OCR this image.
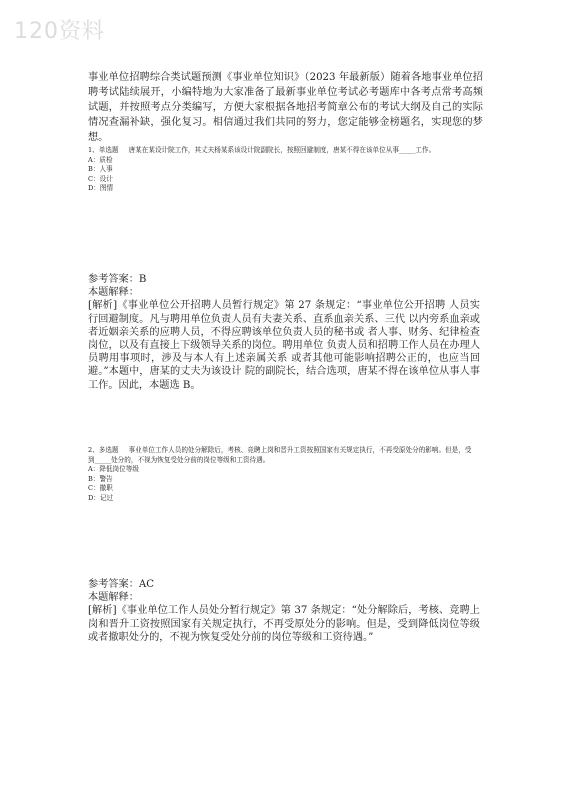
120资料
事业单位招聘综合类试题预测《事业单位知识》（2023 年最新版）随着各地事业单位招聘考试陆续展开，小编特地为大家准备了最新事业单位考试必考题库中各考点常考高频试题，并按照考点分类编写，方便大家根据各地招考简章公布的考试大纲及自己的实际情况查漏补缺，强化复习。相信通过我们共同的努力，您定能够金榜题名，实现您的梦想。
1、单选题 唐某在某设计院工作，其丈夫杨某系该设计院副院长，按照回避制度，唐某不得在该单位从事_____工作。

A：质检

B：人事

C：设计

D：图情

参考答案：B
本题解释：
[解析]《事业单位公开招聘人员暂行规定》第 27 条规定：“事业单位公开招聘 人员实行回避制度。凡与聘用单位负责人员有夫妻关系、直系血亲关系、三代 以内旁系血亲或者近姻亲关系的应聘人员，不得应聘该单位负责人员的秘书或 者人事、财务、纪律检查岗位，以及有直接上下级领导关系的岗位。聘用单位 负责人员和招聘工作人员在办理人员聘用事项时，涉及与本人有上述亲属关系 或者其他可能影响招聘公正的，也应当回避。”本题中，唐某的丈夫为该设计 院的副院长，结合选项，唐某不得在该单位从事人事工作。因此，本题选 B。
2、多选题 事业单位工作人员的处分解除后，考核、竞聘上岗和晋升工资按照国家有关规定执行，不再受原处分的影响。但是，受到_____处分的，不视为恢复受处分前的岗位等级和工资待遇。

A：降低岗位等级

B：警告

C：撤职

D：记过

参考答案：AC
本题解释：
[解析]《事业单位工作人员处分暂行规定》第 37 条规定：“处分解除后，考核、竞聘上岗和晋升工资按照国家有关规定执行，不再受原处分的影响。但是，受到降低岗位等级或者撤职处分的，不视为恢复受处分前的岗位等级和工资待遇。”
